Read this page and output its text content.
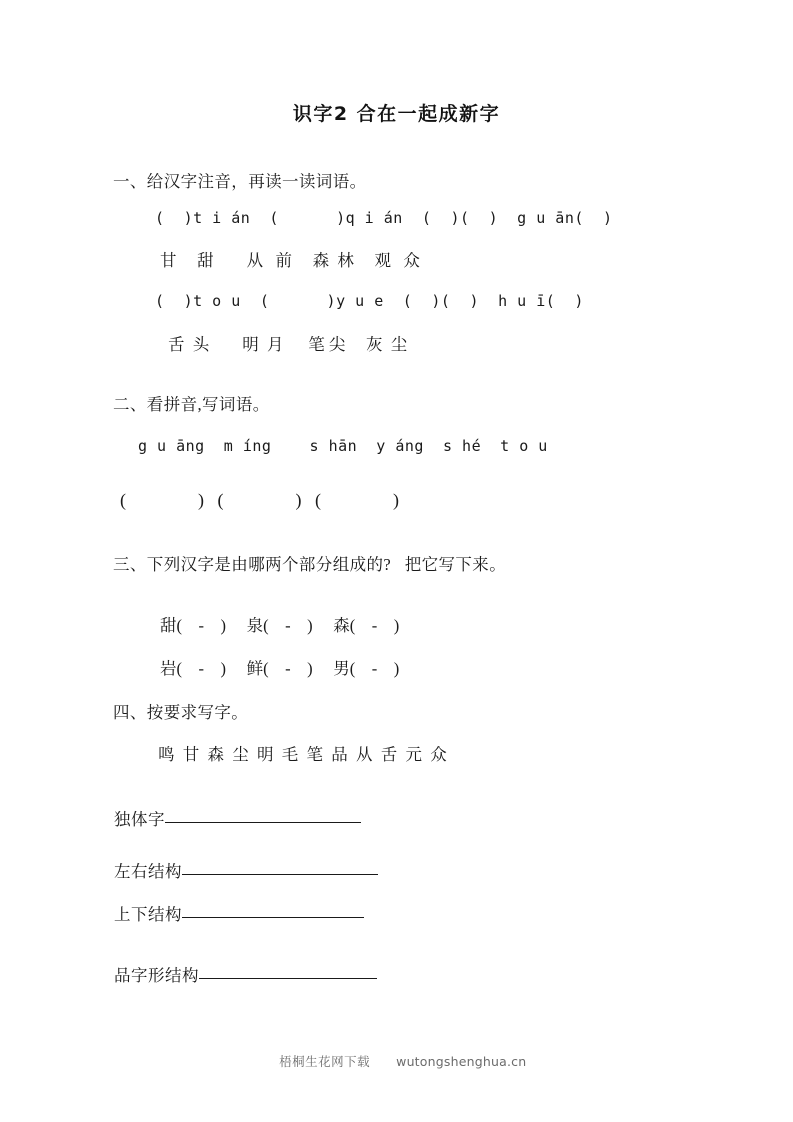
识字2 合在一起成新字
一、给汉字注音，再读一读词语。
(  )t i án  (      )q i án  (  )(  )  g u ān(  )
甘     甜        从   前     森  林     观   众
(  )t o u  (      )y u e  (  )(  )  h u ī(  )
舌  头        明  月      笔 尖     灰  尘
二、看拼音,写词语。
g u āng  m íng    s hān  y áng  s hé  t o u
(                )   (                )   (                )
三、下列汉字是由哪两个部分组成的?   把它写下来。
甜(    -    )     泉(    -    )     森(    -    )
岩(    -    )     鲜(    -    )     男(    -    )
四、按要求写字。
鸣  甘  森  尘  明  毛  笔  品  从  舌  元  众
独体字
左右结构
上下结构
品字形结构

梧桐生花网下载 wutongshenghua.cn
